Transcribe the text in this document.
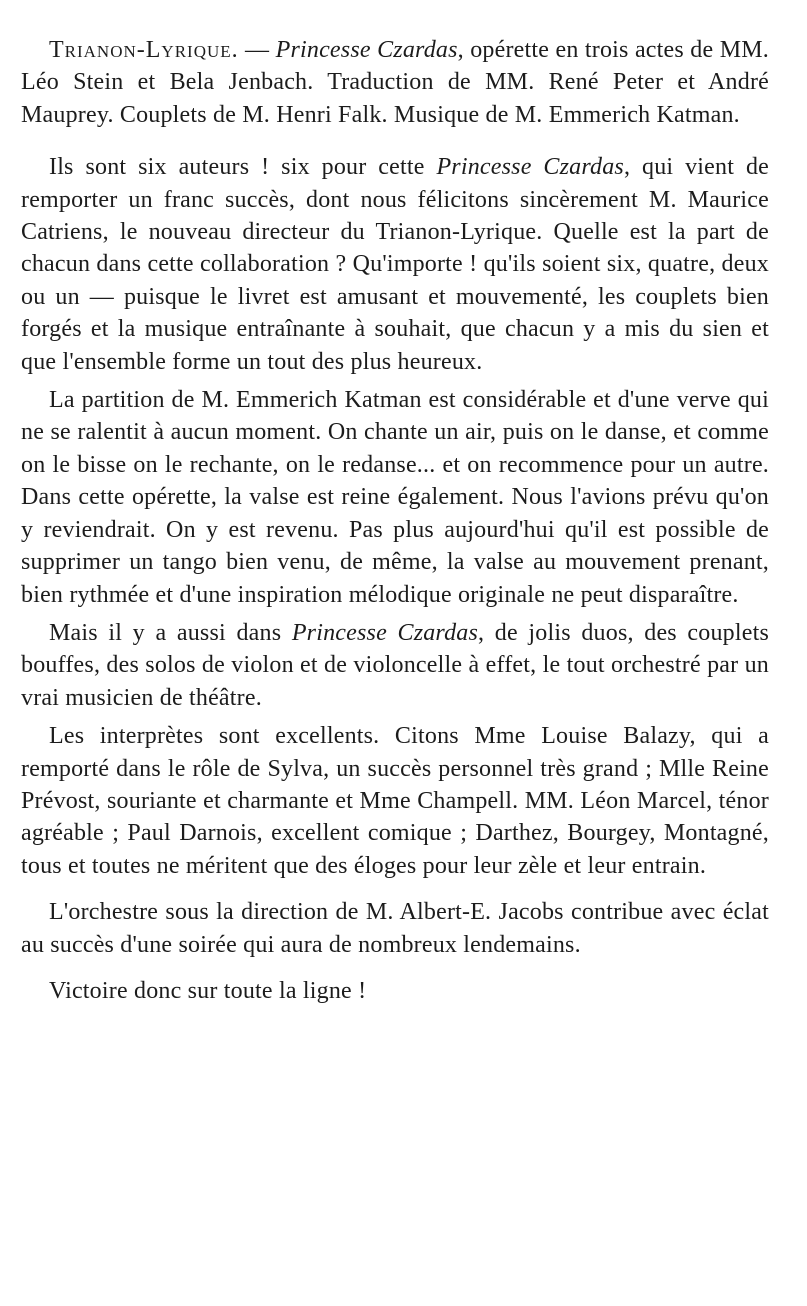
Trianon-Lyrique. — Princesse Czardas, opérette en trois actes de MM. Léo Stein et Bela Jenbach. Traduction de MM. René Peter et André Mauprey. Couplets de M. Henri Falk. Musique de M. Emmerich Katman.

Ils sont six auteurs ! six pour cette Princesse Czardas, qui vient de remporter un franc succès, dont nous félicitons sincèrement M. Maurice Catriens, le nouveau directeur du Trianon-Lyrique. Quelle est la part de chacun dans cette collaboration ? Qu'importe ! qu'ils soient six, quatre, deux ou un — puisque le livret est amusant et mouvementé, les couplets bien forgés et la musique entraînante à souhait, que chacun y a mis du sien et que l'ensemble forme un tout des plus heureux.

La partition de M. Emmerich Katman est considérable et d'une verve qui ne se ralentit à aucun moment. On chante un air, puis on le danse, et comme on le bisse on le rechante, on le redanse... et on recommence pour un autre. Dans cette opérette, la valse est reine également. Nous l'avions prévu qu'on y reviendrait. On y est revenu. Pas plus aujourd'hui qu'il est possible de supprimer un tango bien venu, de même, la valse au mouvement prenant, bien rythmée et d'une inspiration mélodique originale ne peut disparaître.

Mais il y a aussi dans Princesse Czardas, de jolis duos, des couplets bouffes, des solos de violon et de violoncelle à effet, le tout orchestré par un vrai musicien de théâtre.

Les interprètes sont excellents. Citons Mme Louise Balazy, qui a remporté dans le rôle de Sylva, un succès personnel très grand ; Mlle Reine Prévost, souriante et charmante et Mme Champell. MM. Léon Marcel, ténor agréable ; Paul Darnois, excellent comique ; Darthez, Bourgey, Montagné, tous et toutes ne méritent que des éloges pour leur zèle et leur entrain.

L'orchestre sous la direction de M. Albert-E. Jacobs contribue avec éclat au succès d'une soirée qui aura de nombreux lendemains.

Victoire donc sur toute la ligne !
